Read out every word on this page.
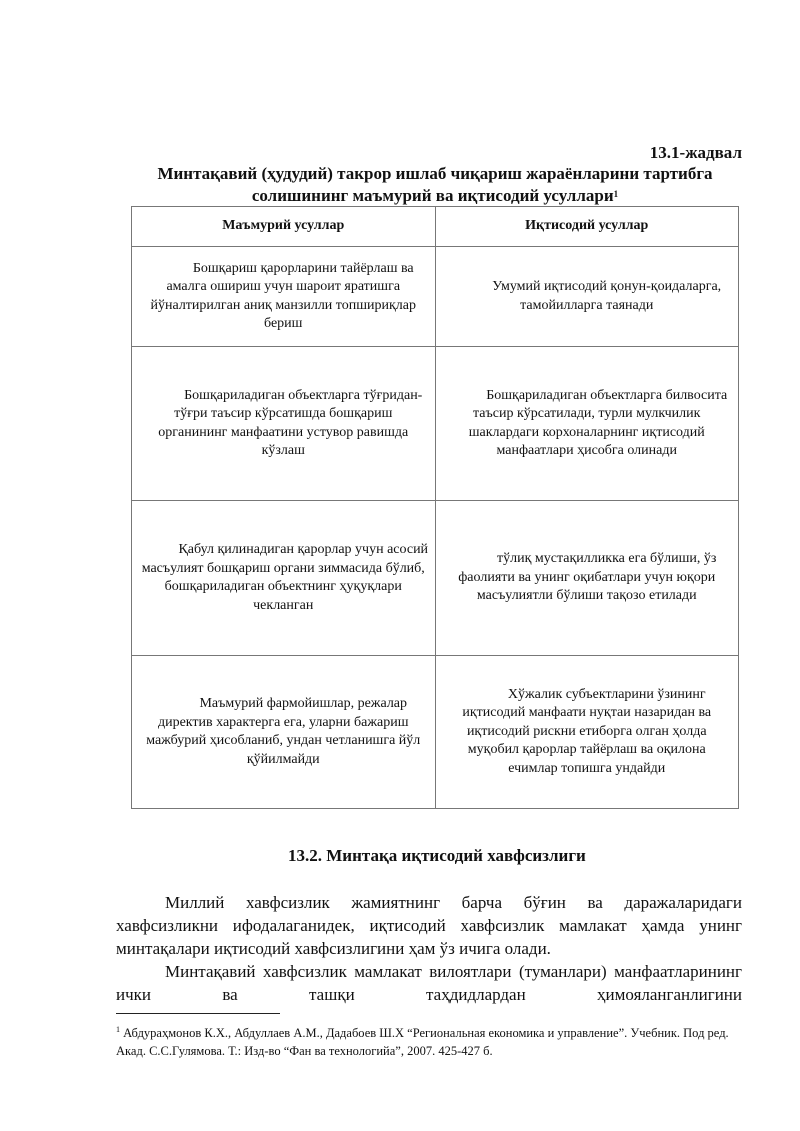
13.1-жадвал
Минтақавий (ҳудудий) такрор ишлаб чиқариш жараёнларини тартибга солишининг маъмурий ва иқтисодий усуллари$^1$
Маъмурий усуллар	Иқтисодий усуллар
Бошқариш қарорларини тайёрлаш ва амалга ошириш учун шароит яратишга йўналтирилган аниқ манзилли топшириқлар бериш	Умумий иқтисодий қонун-қоидаларга, тамойилларга таянади
Бошқариладиган объектларга тўғридан-тўғри таъсир кўрсатишда бошқариш органининг манфаатини устувор равишда кўзлаш	Бошқариладиган объектларга билвосита таъсир кўрсатилади, турли мулкчилик шаклардаги корхоналарнинг иқтисодий манфаатлари ҳисобга олинади
Қабул қилинадиган қарорлар учун асосий масъулият бошқариш органи зиммасида бўлиб, бошқариладиган объектнинг ҳуқуқлари чекланган	тўлиқ мустақилликка ега бўлиши, ўз фаолияти ва унинг оқибатлари учун юқори масъулиятли бўлиши тақозо етилади
Маъмурий фармойишлар, режалар директив характерга ега, уларни бажариш мажбурий ҳисобланиб, ундан четланишга йўл қўйилмайди	Хўжалик субъектларини ўзининг иқтисодий манфаати нуқтаи назаридан ва иқтисодий рискни етиборга олган ҳолда муқобил қарорлар тайёрлаш ва оқилона ечимлар топишга ундайди
13.2. Минтақа иқтисодий хавфсизлиги

Миллий хавфсизлик жамиятнинг барча бўғин ва даражаларидаги хавфсизликни ифодалаганидек, иқтисодий хавфсизлик мамлакат ҳамда унинг минтақалари иқтисодий хавфсизлигини ҳам ўз ичига олади.

Минтақавий хавфсизлик мамлакат вилоятлари (туманлари) манфаатларининг ички ва ташқи таҳдидлардан ҳимояланганлигини

$^1$ Абдураҳмонов К.Х., Абдуллаев А.М., Дадабоев Ш.Х “Региональная економика и управление”. Учебник. Под ред. Акад. С.С.Гулямова. Т.: Изд-во “Фан ва технологийа”, 2007. 425-427 б.
